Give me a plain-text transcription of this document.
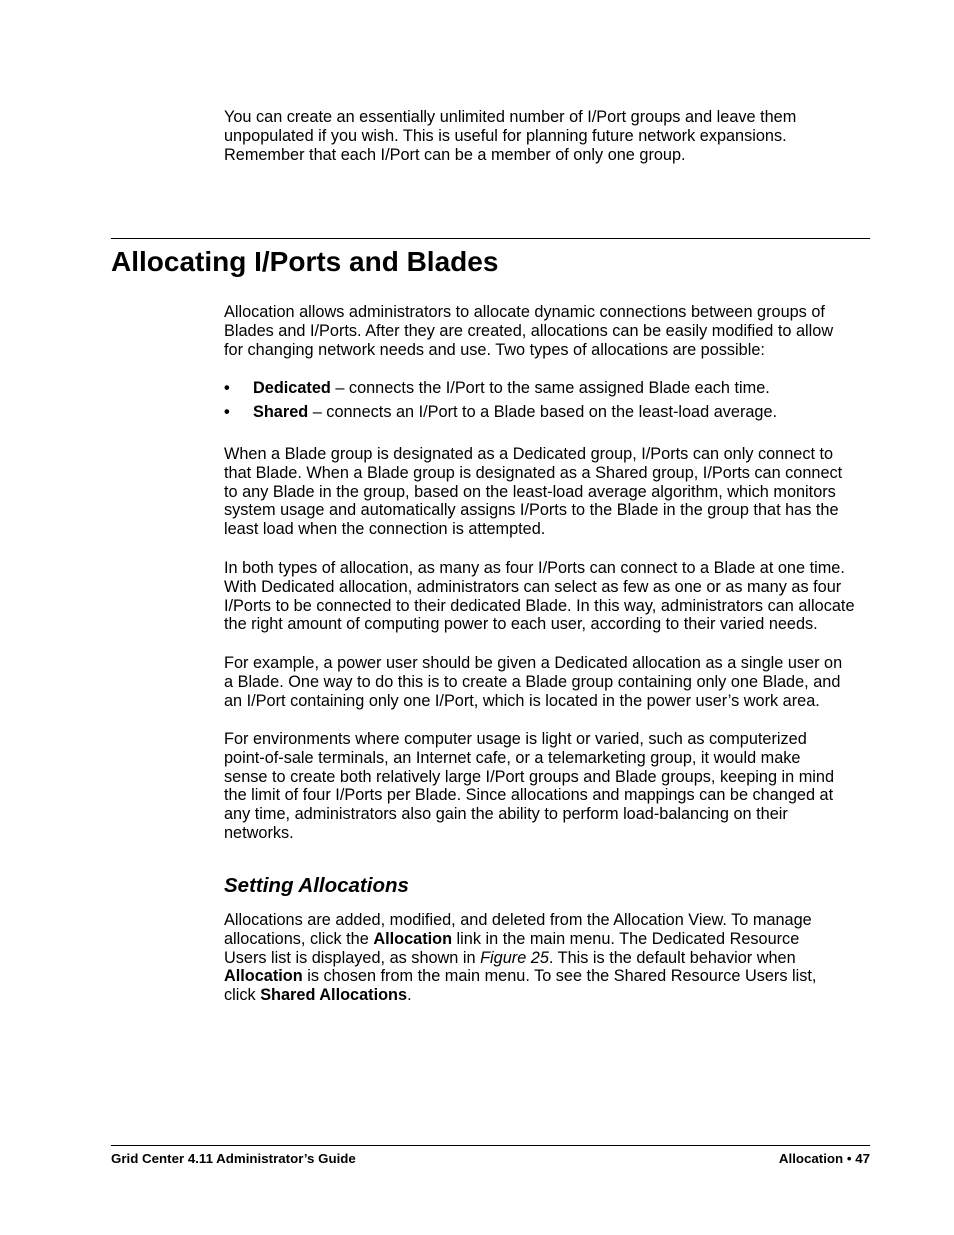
You can create an essentially unlimited number of I/Port groups and leave them

unpopulated if you wish. This is useful for planning future network expansions.

Remember that each I/Port can be a member of only one group.

Allocating I/Ports and Blades

Allocation allows administrators to allocate dynamic connections between groups of

Blades and I/Ports. After they are created, allocations can be easily modified to allow

for changing network needs and use. Two types of allocations are possible:

• Dedicated – connects the I/Port to the same assigned Blade each time.
• Shared – connects an I/Port to a Blade based on the least-load average.

When a Blade group is designated as a Dedicated group, I/Ports can only connect to

that Blade. When a Blade group is designated as a Shared group, I/Ports can connect

to any Blade in the group, based on the least-load average algorithm, which monitors

system usage and automatically assigns I/Ports to the Blade in the group that has the

least load when the connection is attempted.

In both types of allocation, as many as four I/Ports can connect to a Blade at one time.

With Dedicated allocation, administrators can select as few as one or as many as four

I/Ports to be connected to their dedicated Blade. In this way, administrators can allocate

the right amount of computing power to each user, according to their varied needs.

For example, a power user should be given a Dedicated allocation as a single user on

a Blade. One way to do this is to create a Blade group containing only one Blade, and

an I/Port containing only one I/Port, which is located in the power user’s work area.

For environments where computer usage is light or varied, such as computerized

point-of-sale terminals, an Internet cafe, or a telemarketing group, it would make

sense to create both relatively large I/Port groups and Blade groups, keeping in mind

the limit of four I/Ports per Blade. Since allocations and mappings can be changed at

any time, administrators also gain the ability to perform load-balancing on their

networks.

Setting Allocations

Allocations are added, modified, and deleted from the Allocation View. To manage

allocations, click the Allocation link in the main menu. The Dedicated Resource

Users list is displayed, as shown in Figure 25. This is the default behavior when

Allocation is chosen from the main menu. To see the Shared Resource Users list,

click Shared Allocations.

Grid Center 4.11 Administrator’s Guide	Allocation • 47
